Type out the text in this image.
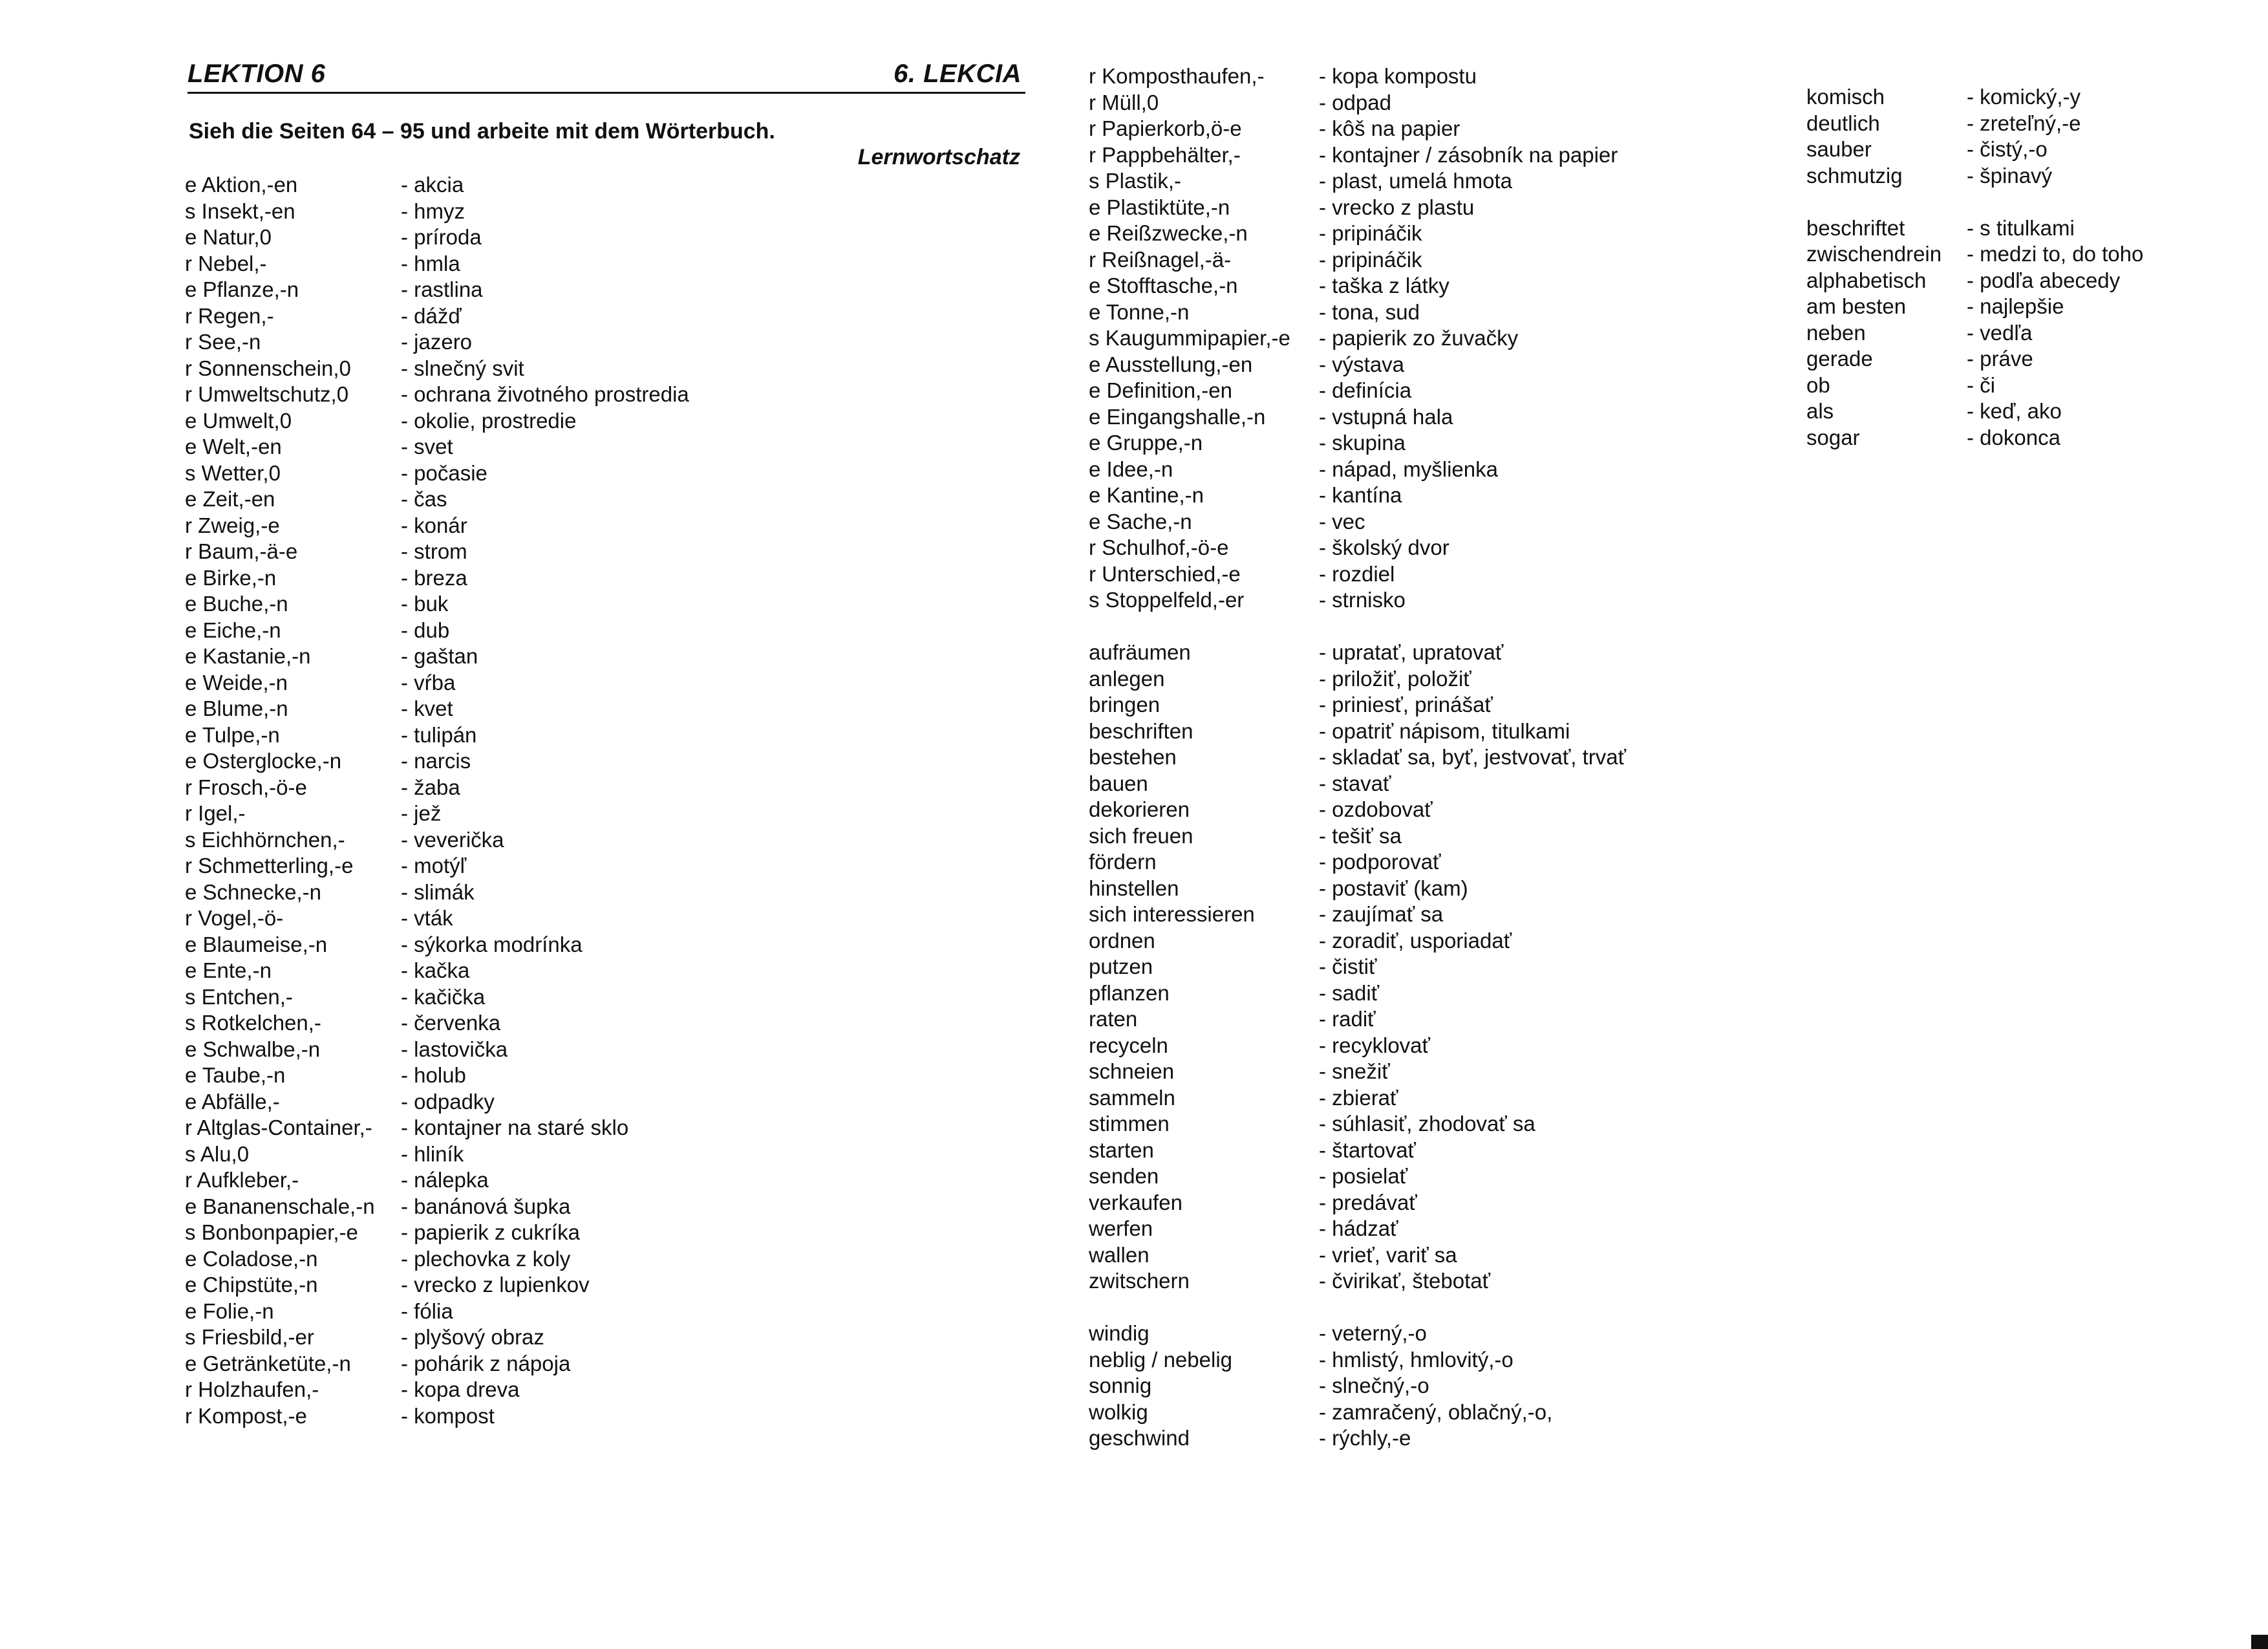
LEKTION 6	6. LEKCIA
Sieh die Seiten 64 – 95 und arbeite mit dem Wörterbuch.
Lernwortschatz
e Aktion,-en	- akcia
s Insekt,-en	- hmyz
e Natur,0	- príroda
r Nebel,-	- hmla
e Pflanze,-n	- rastlina
r Regen,-	- dážď
r See,-n	- jazero
r Sonnenschein,0 - slnečný svit
r Umweltschutz,0 - ochrana životného prostredia
e Umwelt,0	- okolie, prostredie
e Welt,-en	- svet
s Wetter,0	- počasie
e Zeit,-en	- čas
r Zweig,-e	- konár
r Baum,-ä-e	- strom
e Birke,-n	- breza
e Buche,-n	- buk
e Eiche,-n	- dub
e Kastanie,-n	- gaštan
e Weide,-n	- vŕba
e Blume,-n	- kvet
e Tulpe,-n	- tulipán
e Osterglocke,-n	- narcis
r Frosch,-ö-e	- žaba
r Igel,-	- jež
s Eichhörnchen,-	- veverička
r Schmetterling,-e - motýľ
e Schnecke,-n	- slimák
r Vogel,-ö-	- vták
e Blaumeise,-n	- sýkorka modrínka
e Ente,-n	- kačka
s Entchen,-	- kačička
s Rotkelchen,-	- červenka
e Schwalbe,-n	- lastovička
e Taube,-n	- holub
e Abfälle,-	- odpadky
r Altglas-Container,- - kontajner na staré sklo
s Alu,0	- hliník
r Aufkleber,-	- nálepka
e Bananenschale,-n - banánová šupka
s Bonbonpapier,-e - papierik z cukríka
e Coladose,-n	- plechovka z koly
e Chipstüte,-n	- vrecko z lupienkov
e Folie,-n	- fólia
s Friesbild,-er	- plyšový obraz
e Getränketüte,-n - pohárik z nápoja
r Holzhaufen,-	- kopa dreva
r Kompost,-e	- kompost
r Komposthaufen,-	- kopa kompostu
r Müll,0	- odpad
r Papierkorb,ö-e	- kôš na papier
r Pappbehälter,-	- kontajner / zásobník na papier
s Plastik,-	- plast, umelá hmota
e Plastiktüte,-n	- vrecko z plastu
e Reißzwecke,-n	- pripináčik
r Reißnagel,-ä-	- pripináčik
e Stofftasche,-n	- taška z látky
e Tonne,-n	- tona, sud
s Kaugummipapier,-e - papierik zo žuvačky
e Ausstellung,-en	- výstava
e Definition,-en	- definícia
e Eingangshalle,-n	- vstupná hala
e Gruppe,-n	- skupina
e Idee,-n	- nápad, myšlienka
e Kantine,-n	- kantína
e Sache,-n	- vec
r Schulhof,-ö-e	- školský dvor
r Unterschied,-e	- rozdiel
s Stoppelfeld,-er	- strnisko
aufräumen	- upratať, upratovať
anlegen	- priložiť, položiť
bringen	- priniesť, prinášať
beschriften	- opatriť nápisom, titulkami
bestehen	- skladať sa, byť, jestvovať, trvať
bauen	- stavať
dekorieren	- ozdobovať
sich freuen	- tešiť sa
fördern	- podporovať
hinstellen	- postaviť (kam)
sich interessieren	- zaujímať sa
ordnen	- zoradiť, usporiadať
putzen	- čistiť
pflanzen	- sadiť
raten	- radiť
recyceln	- recyklovať
schneien	- snežiť
sammeln	- zbierať
stimmen	- súhlasiť, zhodovať sa
starten	- štartovať
senden	- posielať
verkaufen	- predávať
werfen	- hádzať
wallen	- vrieť, variť sa
zwitschern	- čvirikať, štebotať
windig	- veterný,-o
neblig / nebelig	- hmlistý, hmlovitý,-o
sonnig	- slnečný,-o
wolkig	- zamračený, oblačný,-o,
geschwind	- rýchly,-e
komisch	- komický,-y
deutlich	- zreteľný,-e
sauber	- čistý,-o
schmutzig	- špinavý
beschriftet	- s titulkami
zwischendrein - medzi to, do toho
alphabetisch - podľa abecedy
am besten	- najlepšie
neben	- vedľa
gerade	- práve
ob	- či
als	- keď, ako
sogar	- dokonca
